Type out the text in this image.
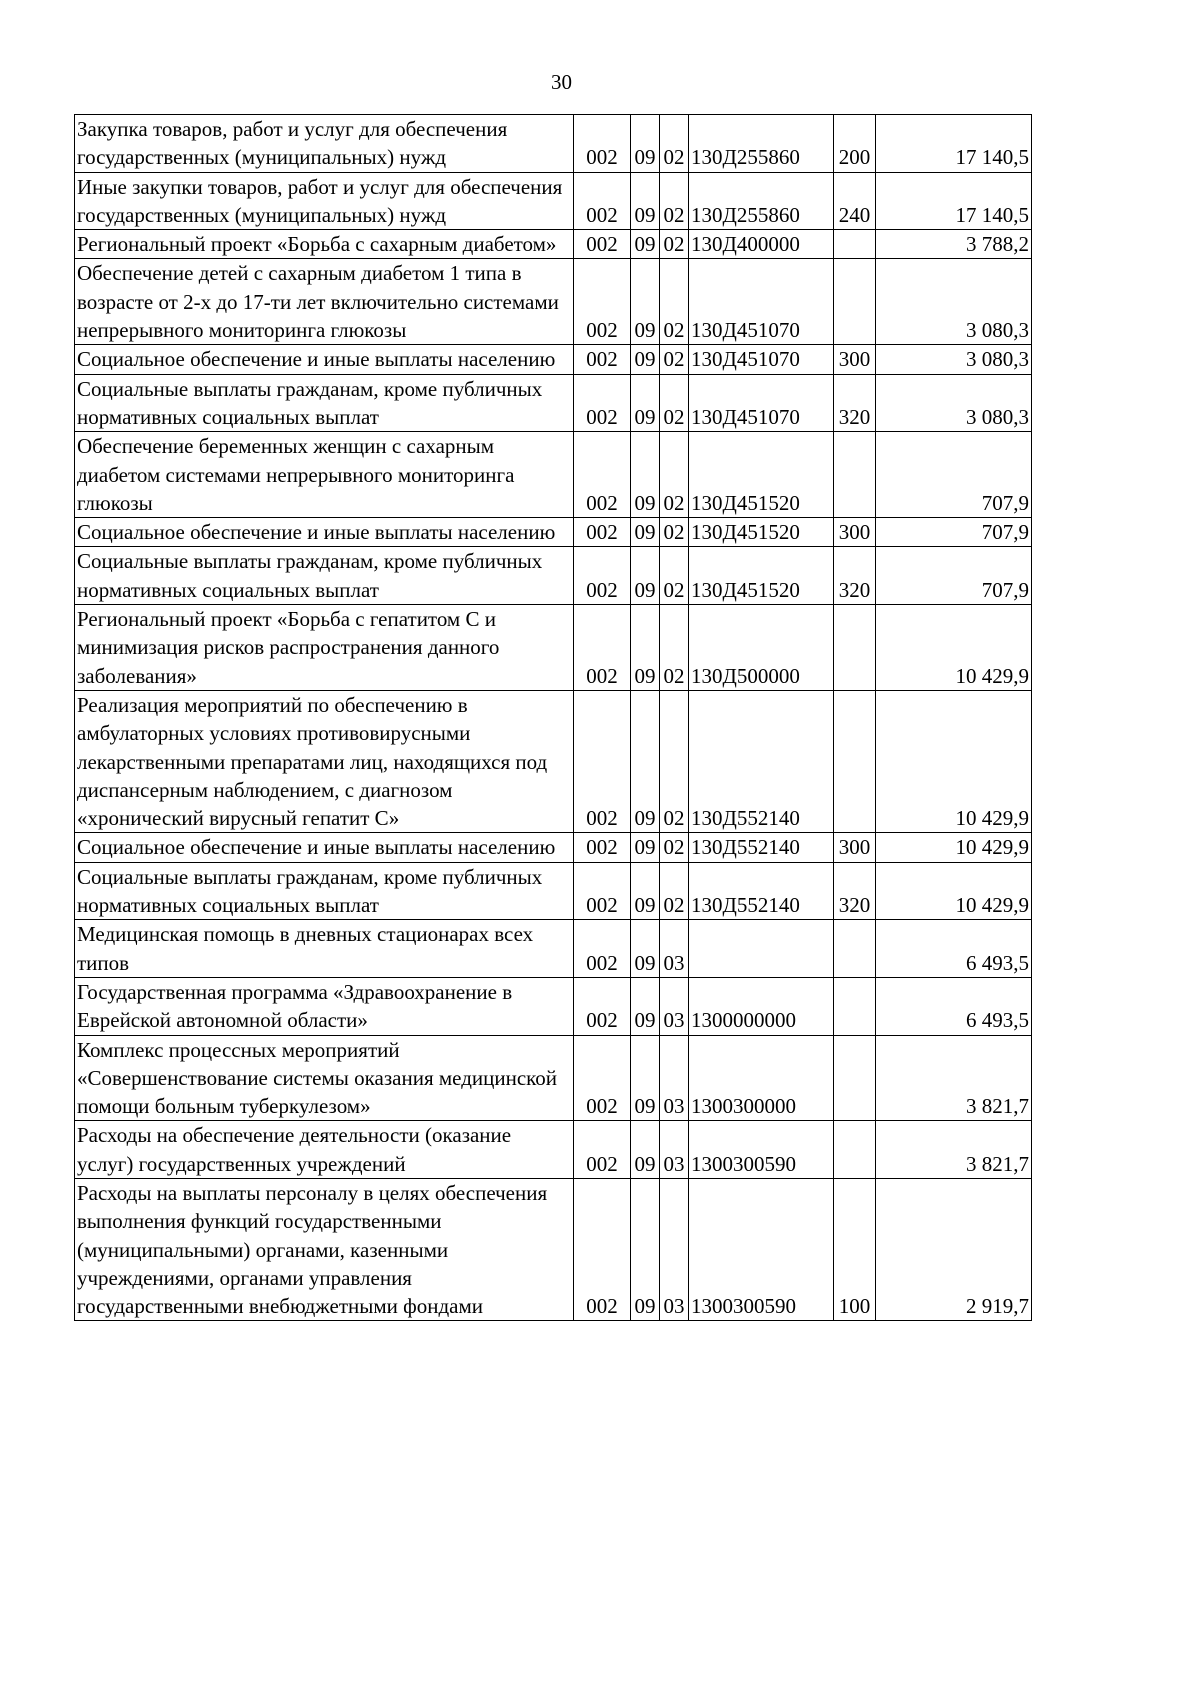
30
Закупка товаров, работ и услуг для обеспечения государственных (муниципальных) нужд	002	09	02	130Д255860	200	17 140,5
Иные закупки товаров, работ и услуг для обеспечения государственных (муниципальных) нужд	002	09	02	130Д255860	240	17 140,5
Региональный проект «Борьба с сахарным диабетом»	002	09	02	130Д400000		3 788,2
Обеспечение детей с сахарным диабетом 1 типа в возрасте от 2-х до 17-ти лет включительно системами непрерывного мониторинга глюкозы	002	09	02	130Д451070		3 080,3
Социальное обеспечение и иные выплаты населению	002	09	02	130Д451070	300	3 080,3
Социальные выплаты гражданам, кроме публичных нормативных социальных выплат	002	09	02	130Д451070	320	3 080,3
Обеспечение беременных женщин с сахарным диабетом системами непрерывного мониторинга глюкозы	002	09	02	130Д451520		707,9
Социальное обеспечение и иные выплаты населению	002	09	02	130Д451520	300	707,9
Социальные выплаты гражданам, кроме публичных нормативных социальных выплат	002	09	02	130Д451520	320	707,9
Региональный проект «Борьба с гепатитом С и минимизация рисков распространения данного заболевания»	002	09	02	130Д500000		10 429,9
Реализация мероприятий по обеспечению в амбулаторных условиях противовирусными лекарственными препаратами лиц, находящихся под диспансерным наблюдением, с диагнозом «хронический вирусный гепатит С»	002	09	02	130Д552140		10 429,9
Социальное обеспечение и иные выплаты населению	002	09	02	130Д552140	300	10 429,9
Социальные выплаты гражданам, кроме публичных нормативных социальных выплат	002	09	02	130Д552140	320	10 429,9
Медицинская помощь в дневных стационарах всех типов	002	09	03			6 493,5
Государственная программа «Здравоохранение в Еврейской автономной области»	002	09	03	1300000000		6 493,5
Комплекс процессных мероприятий «Совершенствование системы оказания медицинской помощи больным туберкулезом»	002	09	03	1300300000		3 821,7
Расходы на обеспечение деятельности (оказание услуг) государственных учреждений	002	09	03	1300300590		3 821,7
Расходы на выплаты персоналу в целях обеспечения выполнения функций государственными (муниципальными) органами, казенными учреждениями, органами управления государственными внебюджетными фондами	002	09	03	1300300590	100	2 919,7
